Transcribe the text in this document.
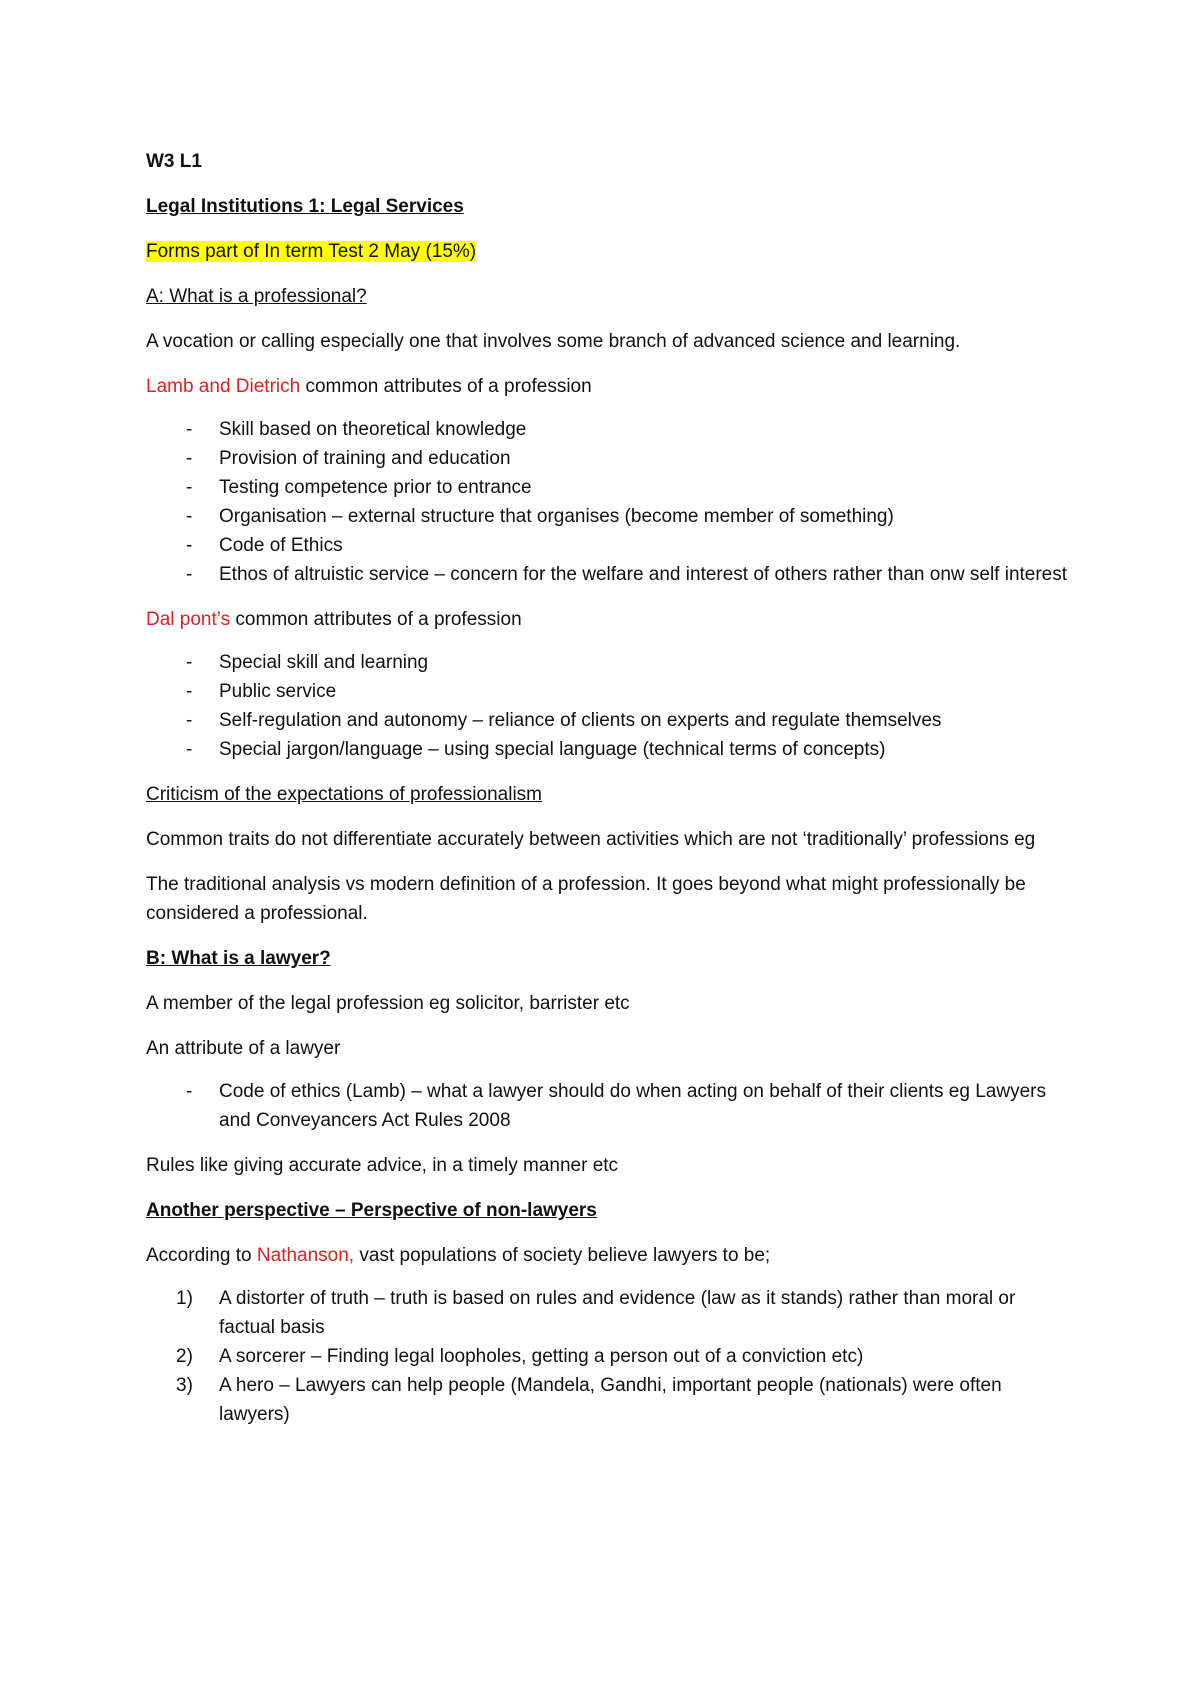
W3 L1

Legal Institutions 1: Legal Services

Forms part of In term Test 2 May (15%)

A: What is a professional?

A vocation or calling especially one that involves some branch of advanced science and learning.

Lamb and Dietrich common attributes of a profession

- Skill based on theoretical knowledge
- Provision of training and education
- Testing competence prior to entrance
- Organisation – external structure that organises (become member of something)
- Code of Ethics
- Ethos of altruistic service – concern for the welfare and interest of others rather than onw self interest

Dal pont’s common attributes of a profession

- Special skill and learning
- Public service
- Self-regulation and autonomy – reliance of clients on experts and regulate themselves
- Special jargon/language – using special language (technical terms of concepts)

Criticism of the expectations of professionalism

Common traits do not differentiate accurately between activities which are not ‘traditionally’ professions eg

The traditional analysis vs modern definition of a profession. It goes beyond what might professionally be considered a professional.

B: What is a lawyer?

A member of the legal profession eg solicitor, barrister etc

An attribute of a lawyer

- Code of ethics (Lamb) – what a lawyer should do when acting on behalf of their clients eg Lawyers and Conveyancers Act Rules 2008

Rules like giving accurate advice, in a timely manner etc

Another perspective – Perspective of non-lawyers

According to Nathanson, vast populations of society believe lawyers to be;

1) A distorter of truth – truth is based on rules and evidence (law as it stands) rather than moral or factual basis
2) A sorcerer – Finding legal loopholes, getting a person out of a conviction etc)
3) A hero – Lawyers can help people (Mandela, Gandhi, important people (nationals) were often lawyers)
